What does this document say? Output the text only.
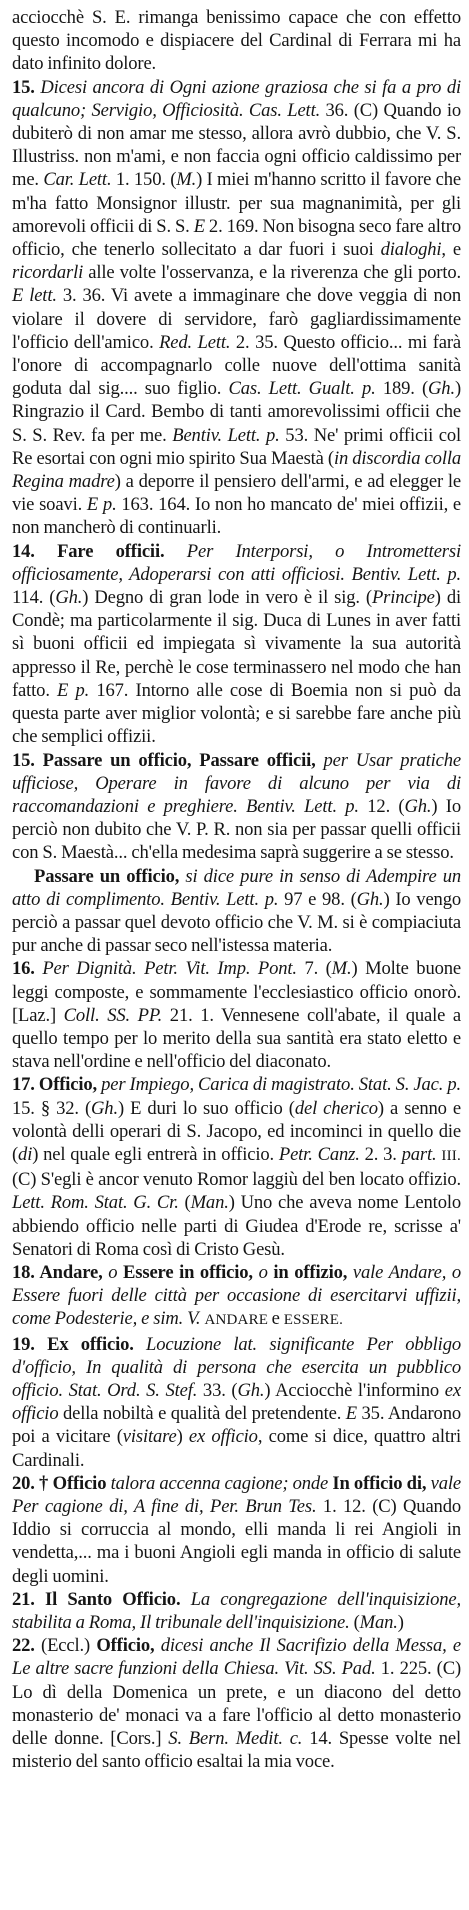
acciocchè S. E. rimanga benissimo capace che con effetto questo incomodo e dispiacere del Cardinal di Ferrara mi ha dato infinito dolore.

15. Dicesi ancora di Ogni azione graziosa che si fa a pro di qualcuno; Servigio, Officiosità. Cas. Lett. 36. (C) Quando io dubiterò di non amar me stesso, allora avrò dubbio, che V. S. Illustriss. non m'ami, e non faccia ogni officio caldissimo per me. Car. Lett. 1. 150. (M.) I miei m'hanno scritto il favore che m'ha fatto Monsignor illustr. per sua magnanimità, per gli amorevoli officii di S. S. E 2. 169. Non bisogna seco fare altro officio, che tenerlo sollecitato a dar fuori i suoi dialoghi, e ricordarli alle volte l'osservanza, e la riverenza che gli porto. E lett. 3. 36. Vi avete a immaginare che dove veggia di non violare il dovere di servidore, farò gagliardissimamente l'officio dell'amico. Red. Lett. 2. 35. Questo officio... mi farà l'onore di accompagnarlo colle nuove dell'ottima sanità goduta dal sig.... suo figlio. Cas. Lett. Gualt. p. 189. (Gh.) Ringrazio il Card. Bembo di tanti amorevolissimi officii che S. S. Rev. fa per me. Bentiv. Lett. p. 53. Ne' primi officii col Re esortai con ogni mio spirito Sua Maestà (in discordia colla Regina madre) a deporre il pensiero dell'armi, e ad elegger le vie soavi. E p. 163. 164. Io non ho mancato de' miei offizii, e non mancherò di continuarli.

14. Fare officii. Per Interporsi, o Intromettersi officiosamente, Adoperarsi con atti officiosi. Bentiv. Lett. p. 114. (Gh.) Degno di gran lode in vero è il sig. (Principe) di Condè; ma particolarmente il sig. Duca di Lunes in aver fatti sì buoni officii ed impiegata sì vivamente la sua autorità appresso il Re, perchè le cose terminassero nel modo che han fatto. E p. 167. Intorno alle cose di Boemia non si può da questa parte aver miglior volontà; e si sarebbe fare anche più che semplici offizii.

15. Passare un officio, Passare officii, per Usar pratiche ufficiose, Operare in favore di alcuno per via di raccomandazioni e preghiere. Bentiv. Lett. p. 12. (Gh.) Io perciò non dubito che V. P. R. non sia per passar quelli officii con S. Maestà... ch'ella medesima saprà suggerire a se stesso.

Passare un officio, si dice pure in senso di Adempire un atto di complimento. Bentiv. Lett. p. 97 e 98. (Gh.) Io vengo perciò a passar quel devoto officio che V. M. si è compiaciuta pur anche di passar seco nell'istessa materia.

16. Per Dignità. Petr. Vit. Imp. Pont. 7. (M.) Molte buone leggi composte, e sommamente l'ecclesiastico officio onorò. [Laz.] Coll. SS. PP. 21. 1. Vennesene coll'abate, il quale a quello tempo per lo merito della sua santità era stato eletto e stava nell'ordine e nell'officio del diaconato.

17. Officio, per Impiego, Carica di magistrato. Stat. S. Jac. p. 15. § 32. (Gh.) E duri lo suo officio (del cherico) a senno e volontà delli operari di S. Jacopo, ed incominci in quello die (di) nel quale egli entrerà in officio. Petr. Canz. 2. 3. part. III. (C) S'egli è ancor venuto Romor laggiù del ben locato offizio. Lett. Rom. Stat. G. Cr. (Man.) Uno che aveva nome Lentolo abbiendo officio nelle parti di Giudea d'Erode re, scrisse a' Senatori di Roma così di Cristo Gesù.

18. Andare, o Essere in officio, o in offizio, vale Andare, o Essere fuori delle città per occasione di esercitarvi uffizii, come Podesterie, e sim. V. ANDARE e ESSERE.

19. Ex officio. Locuzione lat. significante Per obbligo d'officio, In qualità di persona che esercita un pubblico officio. Stat. Ord. S. Stef. 33. (Gh.) Acciocchè l'informino ex officio della nobiltà e qualità del pretendente. E 35. Andarono poi a vicitare (visitare) ex officio, come si dice, quattro altri Cardinali.

20. † Officio talora accenna cagione; onde In officio di, vale Per cagione di, A fine di, Per. Brun Tes. 1. 12. (C) Quando Iddio si corruccia al mondo, elli manda li rei Angioli in vendetta,... ma i buoni Angioli egli manda in officio di salute degli uomini.

21. Il Santo Officio. La congregazione dell'inquisizione, stabilita a Roma, Il tribunale dell'inquisizione. (Man.)

22. (Eccl.) Officio, dicesi anche Il Sacrifizio della Messa, e Le altre sacre funzioni della Chiesa. Vit. SS. Pad. 1. 225. (C) Lo dì della Domenica un prete, e un diacono del detto monasterio de' monaci va a fare l'officio al detto monasterio delle donne. [Cors.] S. Bern. Medit. c. 14. Spesse volte nel misterio del santo officio esaltai la mia voce.
